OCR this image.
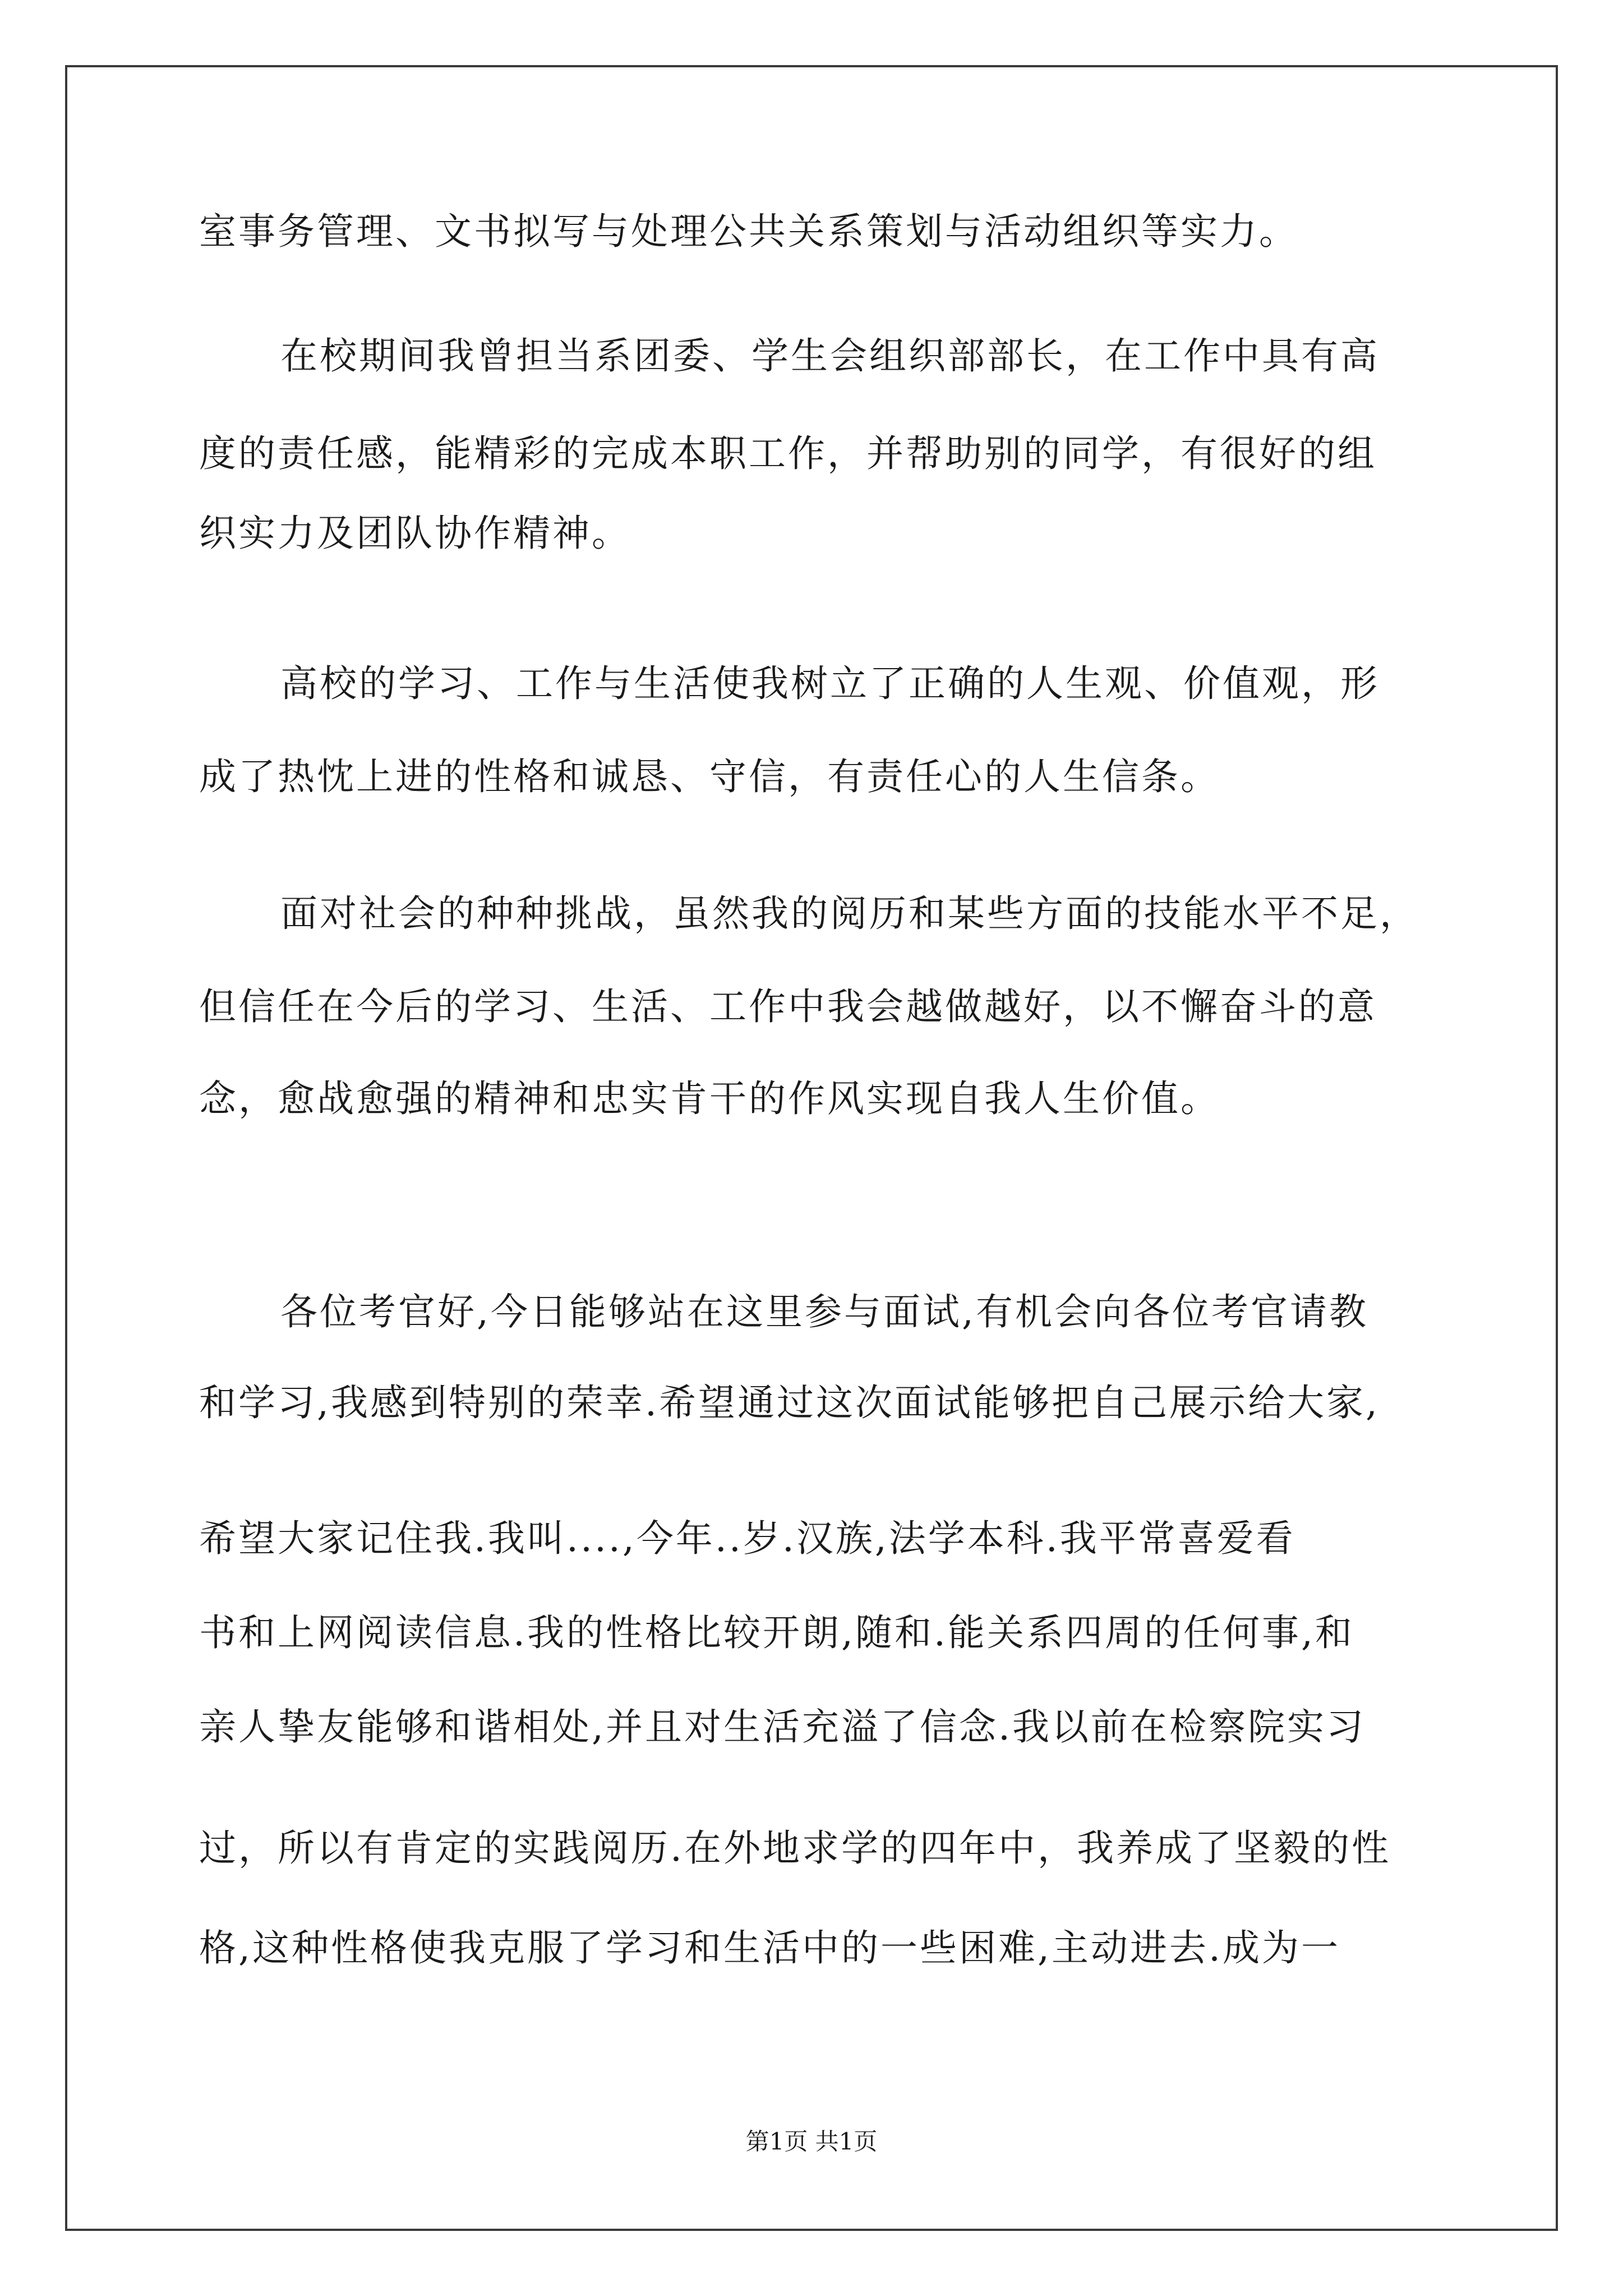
室事务管理、文书拟写与处理公共关系策划与活动组织等实力。
在校期间我曾担当系团委、学生会组织部部长，在工作中具有高
度的责任感，能精彩的完成本职工作，并帮助别的同学，有很好的组
织实力及团队协作精神。
高校的学习、工作与生活使我树立了正确的人生观、价值观，形
成了热忱上进的性格和诚恳、守信，有责任心的人生信条。
面对社会的种种挑战，虽然我的阅历和某些方面的技能水平不足，
但信任在今后的学习、生活、工作中我会越做越好，以不懈奋斗的意
念，愈战愈强的精神和忠实肯干的作风实现自我人生价值。
各位考官好,今日能够站在这里参与面试,有机会向各位考官请教
和学习,我感到特别的荣幸.希望通过这次面试能够把自己展示给大家,
希望大家记住我.我叫....,今年..岁.汉族,法学本科.我平常喜爱看
书和上网阅读信息.我的性格比较开朗,随和.能关系四周的任何事,和
亲人挚友能够和谐相处,并且对生活充溢了信念.我以前在检察院实习
过，所以有肯定的实践阅历.在外地求学的四年中，我养成了坚毅的性
格,这种性格使我克服了学习和生活中的一些困难,主动进去.成为一
第1页 共1页
